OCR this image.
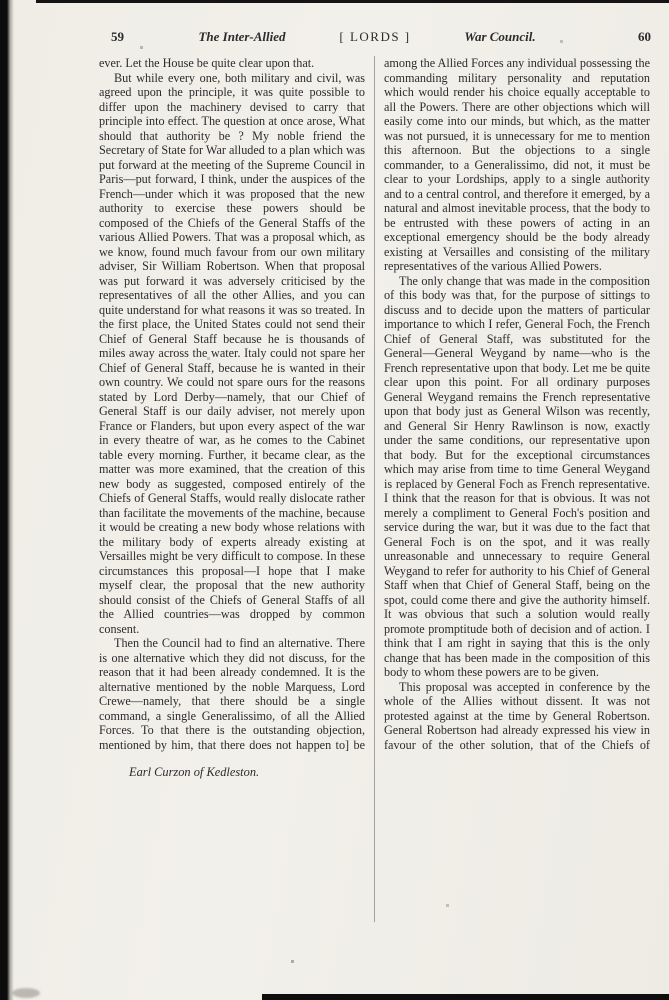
59	The Inter-Allied	[ LORDS ]	War Council.	60

ever. Let the House be quite clear upon that.

But while every one, both military and civil, was agreed upon the principle, it was quite possible to differ upon the machinery devised to carry that principle into effect. The question at once arose, What should that authority be ? My noble friend the Secretary of State for War alluded to a plan which was put forward at the meeting of the Supreme Council in Paris—put forward, I think, under the auspices of the French—under which it was proposed that the new authority to exercise these powers should be composed of the Chiefs of the General Staffs of the various Allied Powers. That was a proposal which, as we know, found much favour from our own military adviser, Sir William Robertson. When that proposal was put forward it was adversely criticised by the representatives of all the other Allies, and you can quite understand for what reasons it was so treated. In the first place, the United States could not send their Chief of General Staff because he is thousands of miles away across the water. Italy could not spare her Chief of General Staff, because he is wanted in their own country. We could not spare ours for the reasons stated by Lord Derby—namely, that our Chief of General Staff is our daily adviser, not merely upon France or Flanders, but upon every aspect of the war in every theatre of war, as he comes to the Cabinet table every morning. Further, it became clear, as the matter was more examined, that the creation of this new body as suggested, composed entirely of the Chiefs of General Staffs, would really dislocate rather than facilitate the movements of the machine, because it would be creating a new body whose relations with the military body of experts already existing at Versailles might be very difficult to compose. In these circumstances this proposal—I hope that I make myself clear, the proposal that the new authority should consist of the Chiefs of General Staffs of all the Allied countries—was dropped by common consent.

Then the Council had to find an alternative. There is one alternative which they did not discuss, for the reason that it had been already condemned. It is the alternative mentioned by the noble Marquess, Lord Crewe—namely, that there should be a single command, a single Generalissimo, of all the Allied Forces. To that there is the outstanding objection, mentioned by him, that there does not happen to] be

Earl Curzon of Kedleston.

among the Allied Forces any individual possessing the commanding military personality and reputation which would render his choice equally acceptable to all the Powers. There are other objections which will easily come into our minds, but which, as the matter was not pursued, it is unnecessary for me to mention this afternoon. But the objections to a single commander, to a Generalissimo, did not, it must be clear to your Lordships, apply to a single authority and to a central control, and therefore it emerged, by a natural and almost inevitable process, that the body to be entrusted with these powers of acting in an exceptional emergency should be the body already existing at Versailles and consisting of the military representatives of the various Allied Powers.

The only change that was made in the composition of this body was that, for the purpose of sittings to discuss and to decide upon the matters of particular importance to which I refer, General Foch, the French Chief of General Staff, was substituted for the General—General Weygand by name—who is the French representative upon that body. Let me be quite clear upon this point. For all ordinary purposes General Weygand remains the French representative upon that body just as General Wilson was recently, and General Sir Henry Rawlinson is now, exactly under the same conditions, our representative upon that body. But for the exceptional circumstances which may arise from time to time General Weygand is replaced by General Foch as French representative. I think that the reason for that is obvious. It was not merely a compliment to General Foch's position and service during the war, but it was due to the fact that General Foch is on the spot, and it was really unreasonable and unnecessary to require General Weygand to refer for authority to his Chief of General Staff when that Chief of General Staff, being on the spot, could come there and give the authority himself. It was obvious that such a solution would really promote promptitude both of decision and of action. I think that I am right in saying that this is the only change that has been made in the composition of this body to whom these powers are to be given.

This proposal was accepted in conference by the whole of the Allies without dissent. It was not protested against at the time by General Robertson. General Robertson had already expressed his view in favour of the other solution, that of the Chiefs of
